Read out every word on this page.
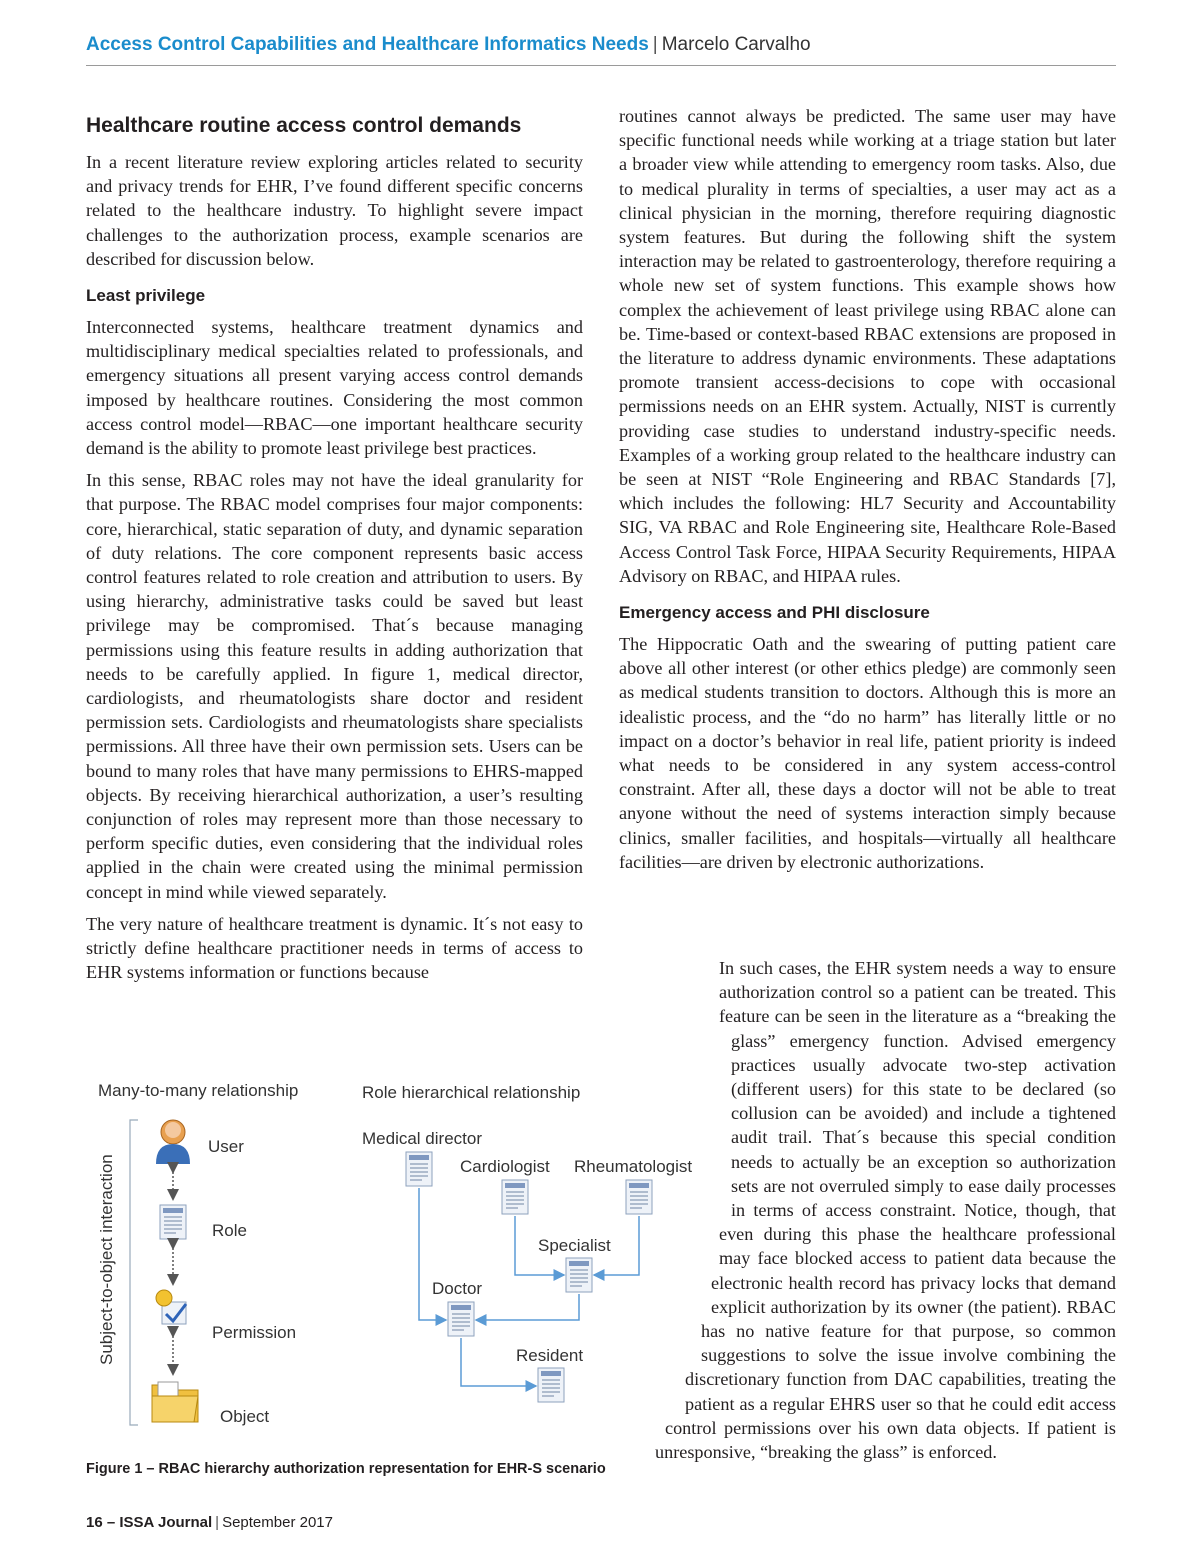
Access Control Capabilities and Healthcare Informatics Needs | Marcelo Carvalho
Healthcare routine access control demands

In a recent literature review exploring articles related to security and privacy trends for EHR, I’ve found different specific concerns related to the healthcare industry. To highlight severe impact challenges to the authorization process, example scenarios are described for discussion below.

Least privilege

Interconnected systems, healthcare treatment dynamics and multidisciplinary medical specialties related to professionals, and emergency situations all present varying access control demands imposed by healthcare routines. Considering the most common access control model—RBAC—one important healthcare security demand is the ability to promote least privilege best practices.

In this sense, RBAC roles may not have the ideal granularity for that purpose. The RBAC model comprises four major components: core, hierarchical, static separation of duty, and dynamic separation of duty relations. The core component represents basic access control features related to role creation and attribution to users. By using hierarchy, administrative tasks could be saved but least privilege may be compromised. That´s because managing permissions using this feature results in adding authorization that needs to be carefully applied. In figure 1, medical director, cardiologists, and rheumatologists share doctor and resident permission sets. Cardiologists and rheumatologists share specialists permissions. All three have their own permission sets. Users can be bound to many roles that have many permissions to EHRS-mapped objects. By receiving hierarchical authorization, a user’s resulting conjunction of roles may represent more than those necessary to perform specific duties, even considering that the individual roles applied in the chain were created using the minimal permission concept in mind while viewed separately.

The very nature of healthcare treatment is dynamic. It´s not easy to strictly define healthcare practitioner needs in terms of access to EHR systems information or functions because

routines cannot always be predicted. The same user may have specific functional needs while working at a triage station but later a broader view while attending to emergency room tasks. Also, due to medical plurality in terms of specialties, a user may act as a clinical physician in the morning, therefore requiring diagnostic system features. But during the following shift the system interaction may be related to gastroenterology, therefore requiring a whole new set of system functions. This example shows how complex the achievement of least privilege using RBAC alone can be. Time-based or context-based RBAC extensions are proposed in the literature to address dynamic environments. These adaptations promote transient access-decisions to cope with occasional permissions needs on an EHR system. Actually, NIST is currently providing case studies to understand industry-specific needs. Examples of a working group related to the healthcare industry can be seen at NIST “Role Engineering and RBAC Standards [7], which includes the following: HL7 Security and Accountability SIG, VA RBAC and Role Engineering site, Healthcare Role-Based Access Control Task Force, HIPAA Security Requirements, HIPAA Advisory on RBAC, and HIPAA rules.

Emergency access and PHI disclosure

The Hippocratic Oath and the swearing of putting patient care above all other interest (or other ethics pledge) are commonly seen as medical students transition to doctors. Although this is more an idealistic process, and the “do no harm” has literally little or no impact on a doctor’s behavior in real life, patient priority is indeed what needs to be considered in any system access-control constraint. After all, these days a doctor will not be able to treat anyone without the need of systems interaction simply because clinics, smaller facilities, and hospitals—virtually all healthcare facilities—are driven by electronic authorizations.

In such cases, the EHR system needs a way to ensure authorization control so a patient can be treated. This feature can be seen in the literature as a “breaking the glass” emergency function. Advised emergency practices usually advocate two-step activation (different users) for this state to be declared (so collusion can be avoided) and include a tightened audit trail. That´s because this special condition needs to actually be an exception so authorization sets are not overruled simply to ease daily processes in terms of access constraint. Notice, though, that even during this phase the healthcare professional may face blocked access to patient data because the electronic health record has privacy locks that demand explicit authorization by its owner (the patient). RBAC has no native feature for that purpose, so common suggestions to solve the issue involve combining the discretionary function from DAC capabilities, treating the patient as a regular EHRS user so that he could edit access control permissions over his own data objects. If patient is unresponsive, “breaking the glass” is enforced.

Many-to-many relationship	Role hierarchical relationship
Subject-to-object interaction
User
Role
Permission
Object
Medical director
Cardiologist Rheumatologist
Specialist
Doctor
Resident
Figure 1 – RBAC hierarchy authorization representation for EHR-S scenario
16 – ISSA Journal | September 2017
